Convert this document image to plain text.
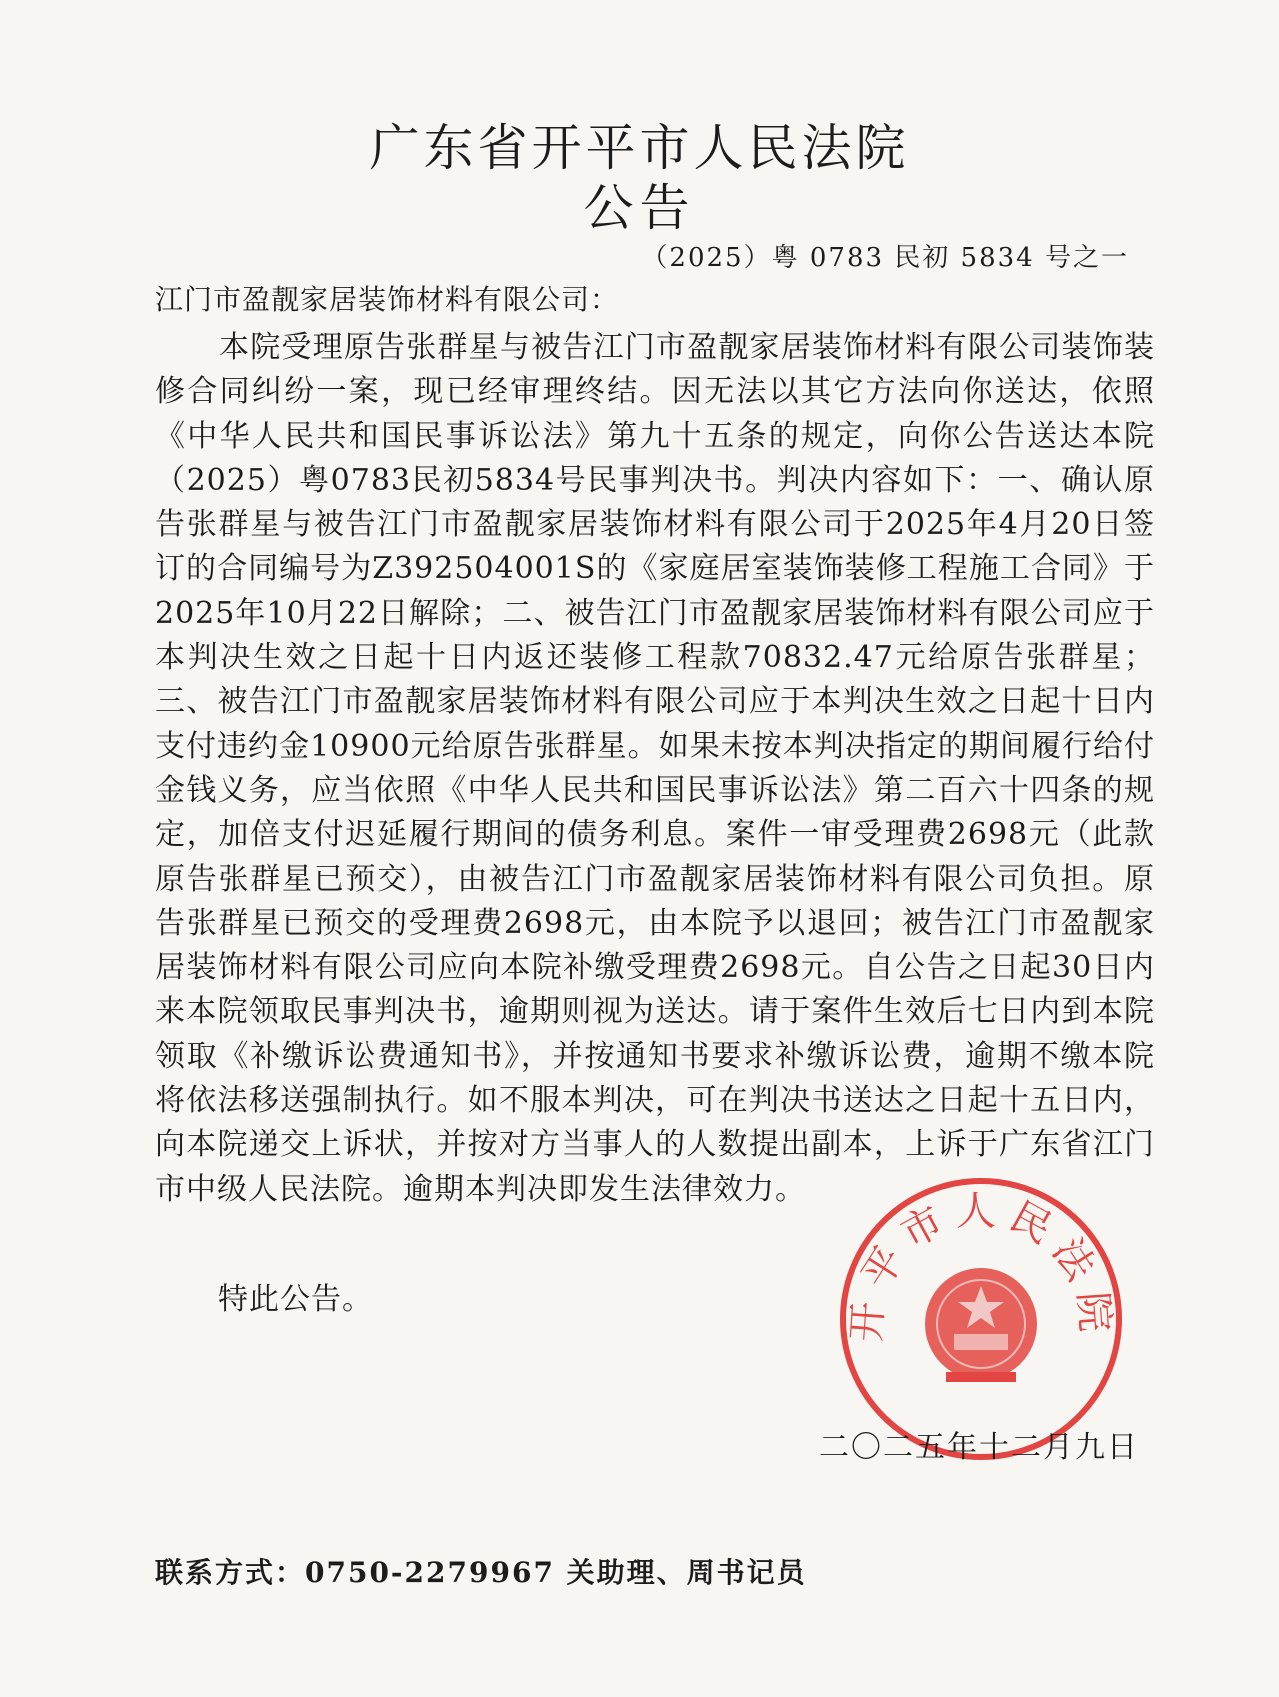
广东省开平市人民法院
公告
（2025）粤 0783 民初 5834 号之一
江门市盈靓家居装饰材料有限公司：

本院受理原告张群星与被告江门市盈靓家居装饰材料有限公司装饰装修合同纠纷一案，现已经审理终结。因无法以其它方法向你送达，依照《中华人民共和国民事诉讼法》第九十五条的规定，向你公告送达本院（2025）粤0783民初5834号民事判决书。判决内容如下：一、确认原告张群星与被告江门市盈靓家居装饰材料有限公司于2025年4月20日签订的合同编号为Z392504001S的《家庭居室装饰装修工程施工合同》于2025年10月22日解除；二、被告江门市盈靓家居装饰材料有限公司应于本判决生效之日起十日内返还装修工程款70832.47元给原告张群星；三、被告江门市盈靓家居装饰材料有限公司应于本判决生效之日起十日内支付违约金10900元给原告张群星。如果未按本判决指定的期间履行给付金钱义务，应当依照《中华人民共和国民事诉讼法》第二百六十四条的规定，加倍支付迟延履行期间的债务利息。案件一审受理费2698元（此款原告张群星已预交），由被告江门市盈靓家居装饰材料有限公司负担。原告张群星已预交的受理费2698元，由本院予以退回；被告江门市盈靓家居装饰材料有限公司应向本院补缴受理费2698元。自公告之日起30日内来本院领取民事判决书，逾期则视为送达。请于案件生效后七日内到本院领取《补缴诉讼费通知书》，并按通知书要求补缴诉讼费，逾期不缴本院将依法移送强制执行。如不服本判决，可在判决书送达之日起十五日内，向本院递交上诉状，并按对方当事人的人数提出副本，上诉于广东省江门市中级人民法院。逾期本判决即发生法律效力。

特此公告。	开平市人民法院
二〇二五年十二月九日
联系方式：0750-2279967 关助理、周书记员
